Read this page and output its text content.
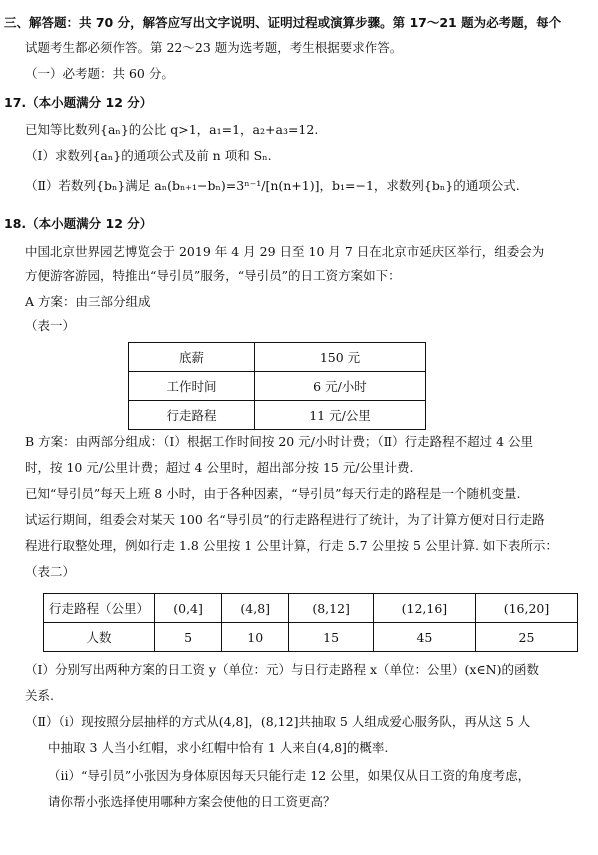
三、解答题：共 70 分，解答应写出文字说明、证明过程或演算步骤。第 17～21 题为必考题，每个
试题考生都必须作答。第 22～23 题为选考题，考生根据要求作答。
（一）必考题：共 60 分。
17.（本小题满分 12 分）
已知等比数列{aₙ}的公比 q>1，a₁=1，a₂+a₃=12.
（Ⅰ）求数列{aₙ}的通项公式及前 n 项和 Sₙ.
（Ⅱ）若数列{bₙ}满足 aₙ(bₙ₊₁−bₙ)=3ⁿ⁻¹/[n(n+1)]，b₁=−1，求数列{bₙ}的通项公式.
18.（本小题满分 12 分）
中国北京世界园艺博览会于 2019 年 4 月 29 日至 10 月 7 日在北京市延庆区举行，组委会为
方便游客游园，特推出“导引员”服务，“导引员”的日工资方案如下：
A 方案：由三部分组成
（表一）
底薪	150 元
工作时间	6 元/小时
行走路程	11 元/公里
B 方案：由两部分组成：（Ⅰ）根据工作时间按 20 元/小时计费；（Ⅱ）行走路程不超过 4 公里
时，按 10 元/公里计费；超过 4 公里时，超出部分按 15 元/公里计费.
已知“导引员”每天上班 8 小时，由于各种因素，“导引员”每天行走的路程是一个随机变量.
试运行期间，组委会对某天 100 名“导引员”的行走路程进行了统计，为了计算方便对日行走路
程进行取整处理，例如行走 1.8 公里按 1 公里计算，行走 5.7 公里按 5 公里计算. 如下表所示：
（表二）
行走路程（公里）	(0,4]	(4,8]	(8,12]	(12,16]	(16,20]
人数	5	10	15	45	25
（Ⅰ）分别写出两种方案的日工资 y（单位：元）与日行走路程 x（单位：公里）(x∈N)的函数
关系.
（Ⅱ）（ⅰ）现按照分层抽样的方式从(4,8]，(8,12]共抽取 5 人组成爱心服务队，再从这 5 人
中抽取 3 人当小红帽，求小红帽中恰有 1 人来自(4,8]的概率.
（ⅱ）“导引员”小张因为身体原因每天只能行走 12 公里，如果仅从日工资的角度考虑，
请你帮小张选择使用哪种方案会使他的日工资更高？
